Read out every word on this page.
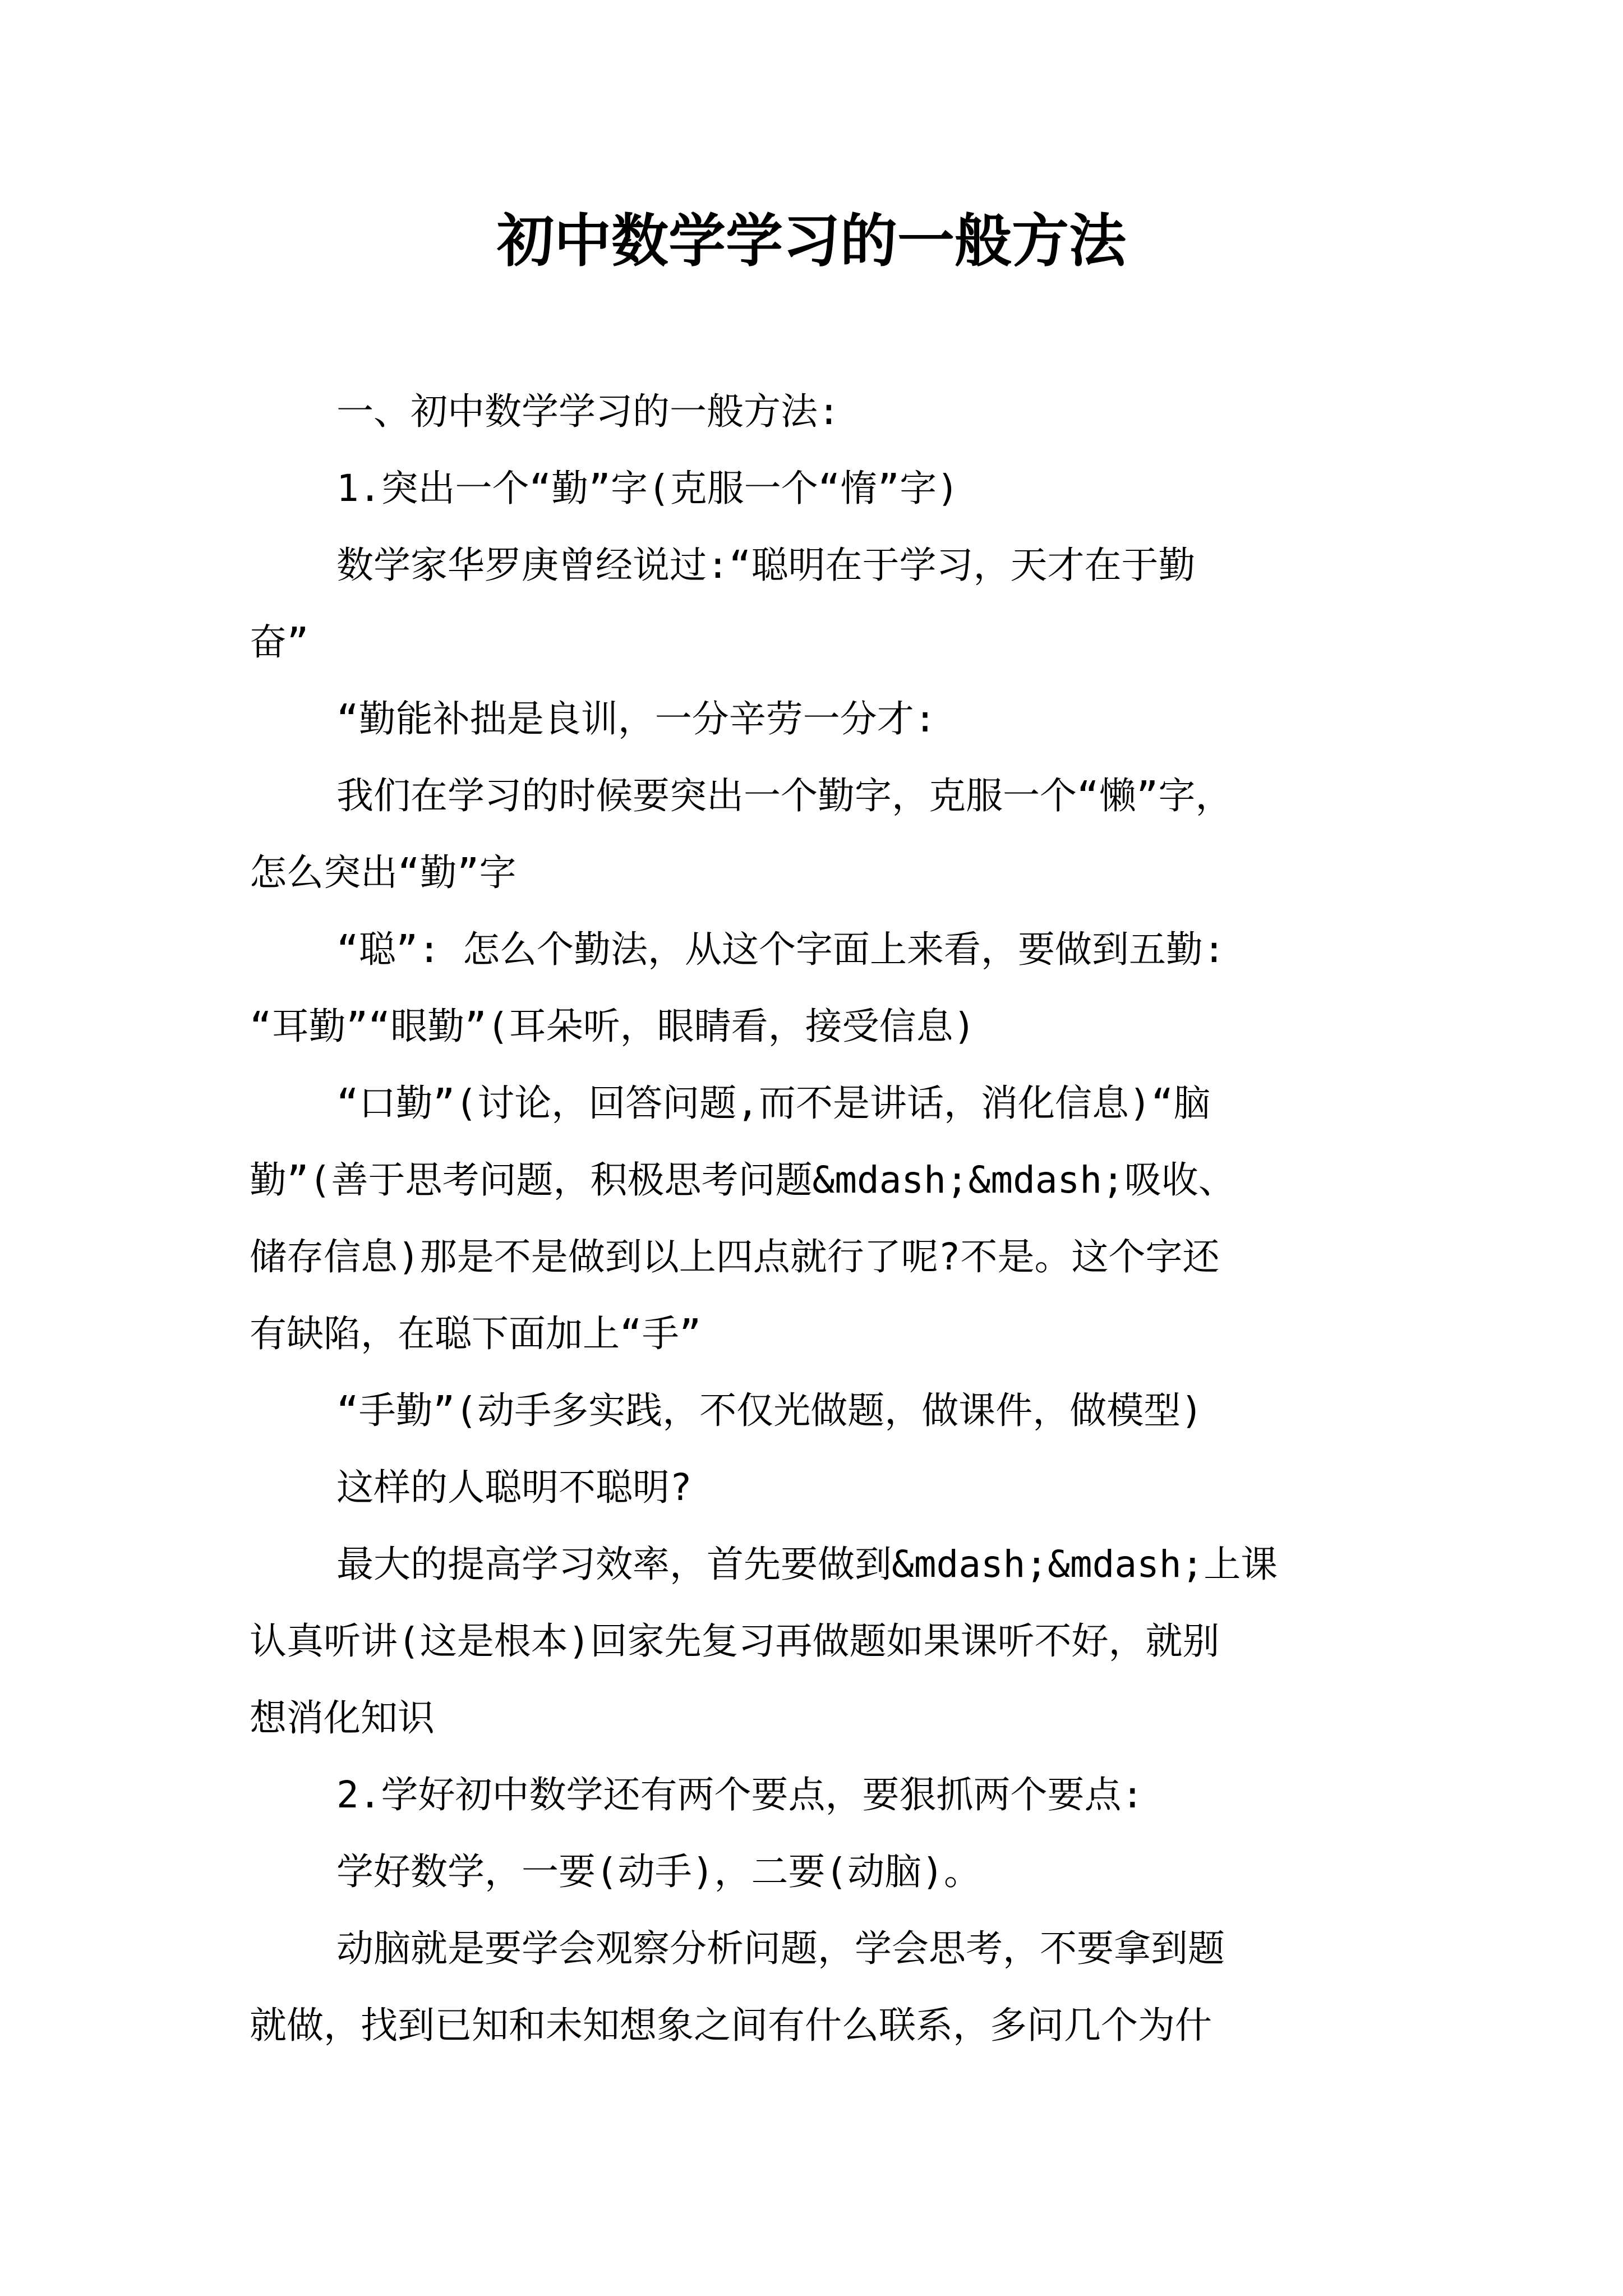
初中数学学习的一般方法
一、初中数学学习的一般方法:
1.突出一个“勤”字(克服一个“惰”字)
数学家华罗庚曾经说过:“聪明在于学习，天才在于勤
奋”
“勤能补拙是良训，一分辛劳一分才:
我们在学习的时候要突出一个勤字，克服一个“懒”字，
怎么突出“勤”字
“聪”: 怎么个勤法，从这个字面上来看，要做到五勤:
“耳勤”“眼勤”(耳朵听，眼睛看，接受信息)
“口勤”(讨论，回答问题,而不是讲话，消化信息)“脑
勤”(善于思考问题，积极思考问题&mdash;&mdash;吸收、
储存信息)那是不是做到以上四点就行了呢?不是。这个字还
有缺陷，在聪下面加上“手”
“手勤”(动手多实践，不仅光做题，做课件，做模型)
这样的人聪明不聪明?
最大的提高学习效率，首先要做到&mdash;&mdash;上课
认真听讲(这是根本)回家先复习再做题如果课听不好，就别
想消化知识
2.学好初中数学还有两个要点，要狠抓两个要点:
学好数学，一要(动手)，二要(动脑)。
动脑就是要学会观察分析问题，学会思考，不要拿到题
就做，找到已知和未知想象之间有什么联系，多问几个为什
